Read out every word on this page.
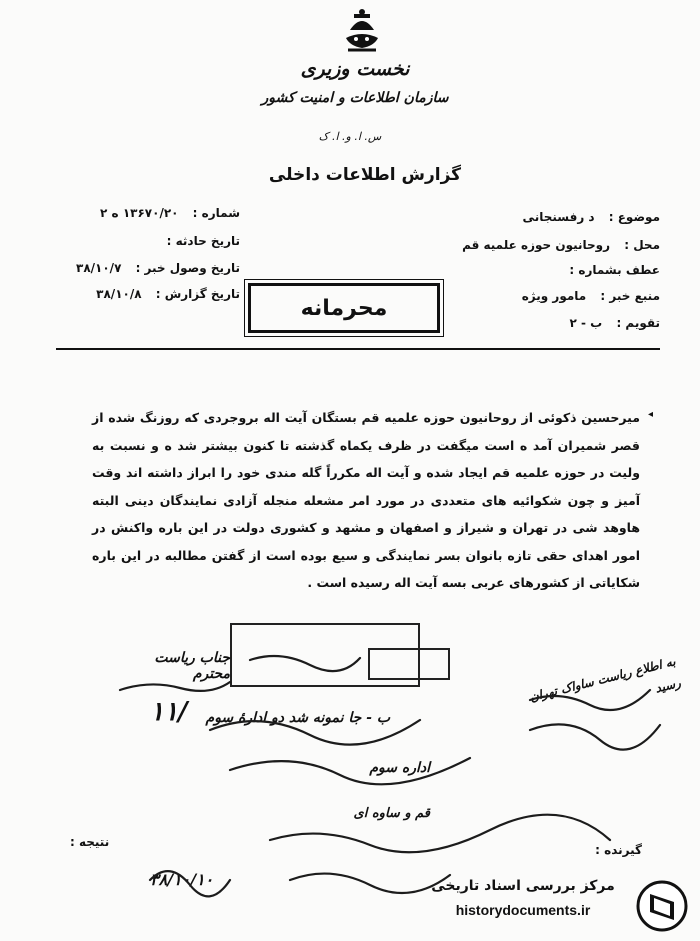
نخست وزیری
سازمان اطلاعات و امنیت کشور
س. ا. و. ا. ک
گزارش اطلاعات داخلی
موضوع : د رفسنجانی
محل : روحانیون حوزه علمیه قم
عطف بشماره :
منبع خبر : مامور ویژه
تقویم : ب - ۲
شماره : ۱۳۶۷۰/۲۰ ه ۲
تاریخ حادثه :
تاریخ وصول خبر : ۳۸/۱۰/۷
تاریخ گزارش : ۳۸/۱۰/۸
محرمانه
◂
میرحسین ذکوئی از روحانیون حوزه علمیه قم بستگان آیت اله بروجردی که روزنگ شده از قصر شمیران آمد ه است میگفت در ظرف یکماه گذشته تا کنون بیشتر شد ه و نسبت به ولیت در حوزه علمیه قم ایجاد شده و آیت اله مکرراً گله مندی خود را ابراز داشته اند وقت آمیز و چون شکوائیه های متعددی در مورد امر مشعله منجله آزادی نمایندگان دینی البته هاوهد شی در تهران و شیراز و اصفهان و مشهد و کشوری دولت در این باره واکنش در امور اهدای حقی تازه بانوان بسر نمایندگی و سیع بوده است از گفتن مطالبه در این باره شکایاتی از کشورهای عربی بسه آیت اله رسیده است .
جناب ریاست محترم	به اطلاع ریاست ساواک تهران رسید
۱۱/	ب - جا نمونه شد دو ادارهٔ سوم
اداره سوم
قم و ساوه ای
۳۸/۱۰/۱۰
گیرنده :
نتیجه :
مرکز بررسی اسناد تاریخی
historydocuments.ir
